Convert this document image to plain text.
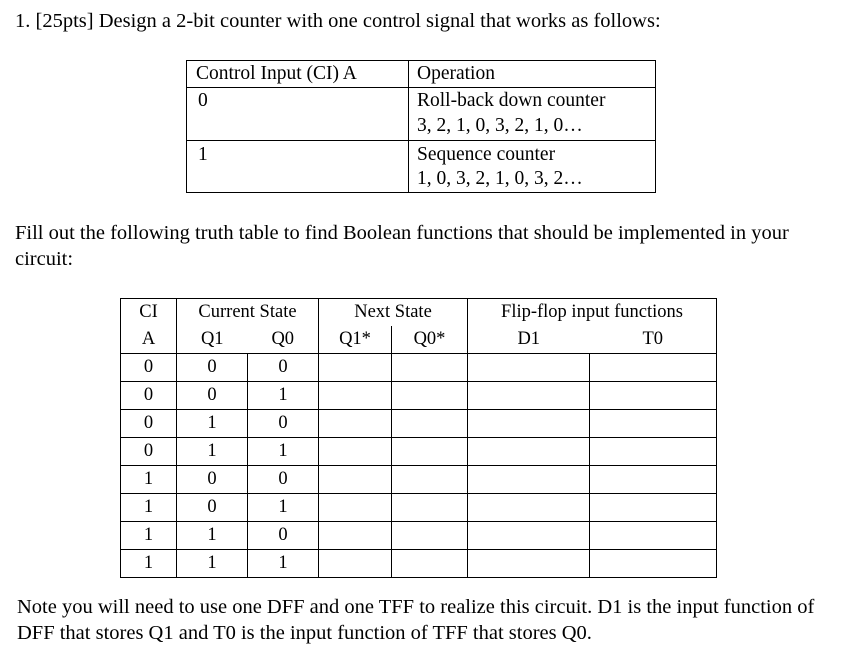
1. [25pts] Design a 2-bit counter with one control signal that works as follows:
Control Input (CI) A	Operation
0	Roll-back down counter
3, 2, 1, 0, 3, 2, 1, 0…
1	Sequence counter
1, 0, 3, 2, 1, 0, 3, 2…
Fill out the following truth table to find Boolean functions that should be implemented in your circuit:
CI	Current State		Next State		Flip-flop input functions	
A	Q1	Q0	Q1*	Q0*	D1	T0
0	0	0				
0	0	1				
0	1	0				
0	1	1				
1	0	0				
1	0	1				
1	1	0				
1	1	1				
Note you will need to use one DFF and one TFF to realize this circuit. D1 is the input function of DFF that stores Q1 and T0 is the input function of TFF that stores Q0.
